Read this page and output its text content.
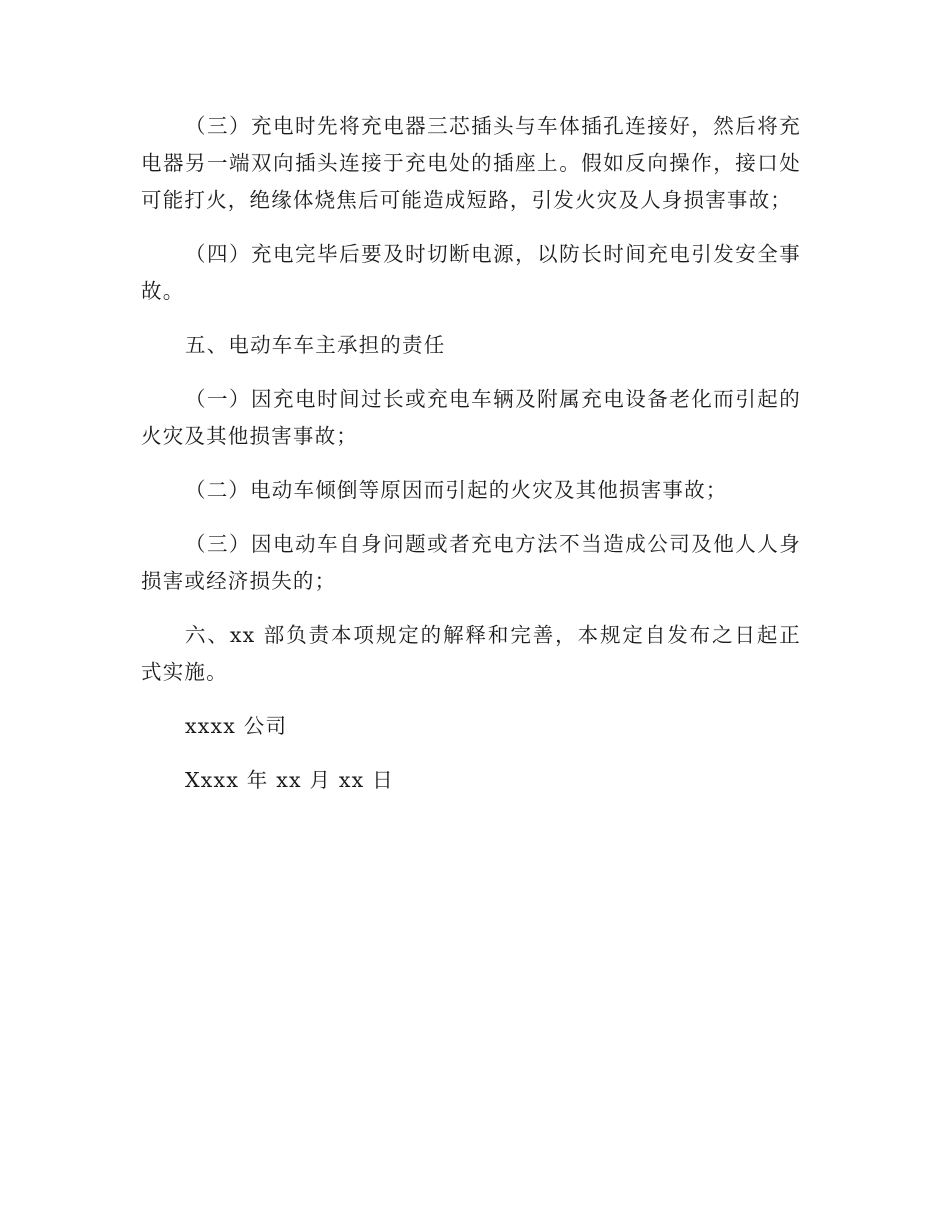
（三）充电时先将充电器三芯插头与车体插孔连接好，然后将充电器另一端双向插头连接于充电处的插座上。假如反向操作，接口处可能打火，绝缘体烧焦后可能造成短路，引发火灾及人身损害事故；

（四）充电完毕后要及时切断电源，以防长时间充电引发安全事故。

五、电动车车主承担的责任

（一）因充电时间过长或充电车辆及附属充电设备老化而引起的火灾及其他损害事故；

（二）电动车倾倒等原因而引起的火灾及其他损害事故；

（三）因电动车自身问题或者充电方法不当造成公司及他人人身损害或经济损失的；

六、xx 部负责本项规定的解释和完善，本规定自发布之日起正式实施。

xxxx 公司

Xxxx 年 xx 月 xx 日
